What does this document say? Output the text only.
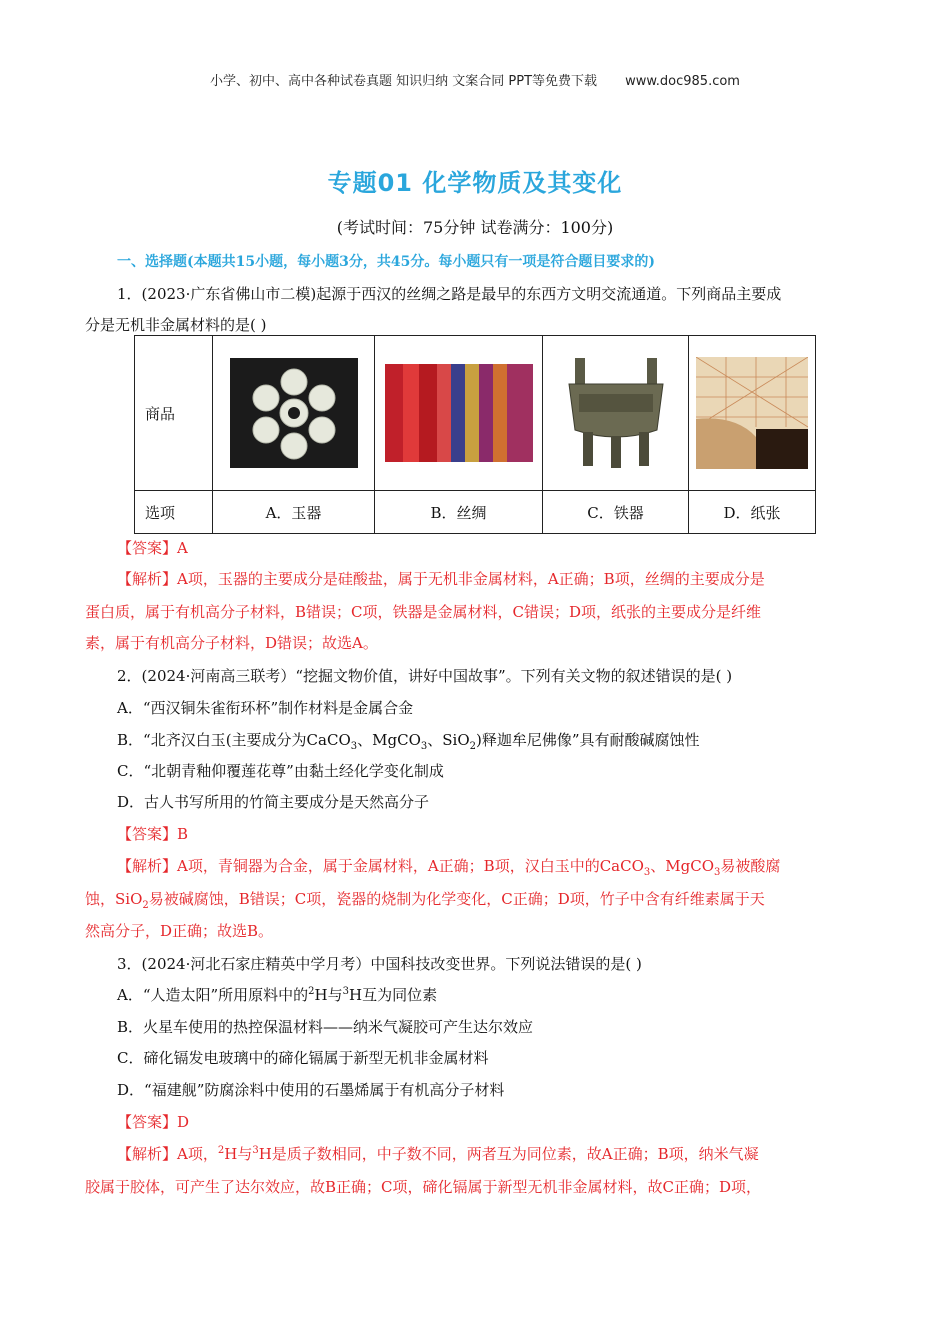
小学、初中、高中各种试卷真题 知识归纳 文案合同 PPT等免费下载 www.doc985.com
专题01 化学物质及其变化
(考试时间：75分钟 试卷满分：100分)
一、选择题(本题共15小题，每小题3分，共45分。每小题只有一项是符合题目要求的)
1．(2023·广东省佛山市二模)起源于西汉的丝绸之路是最早的东西方文明交流通道。下列商品主要成
分是无机非金属材料的是( )
商品	

选项	A．玉器	B．丝绸	C．铁器	D．纸张
【答案】A
【解析】A项，玉器的主要成分是硅酸盐，属于无机非金属材料，A正确；B项，丝绸的主要成分是
蛋白质，属于有机高分子材料，B错误；C项，铁器是金属材料，C错误；D项，纸张的主要成分是纤维
素，属于有机高分子材料，D错误；故选A。
2．(2024·河南高三联考）“挖掘文物价值，讲好中国故事”。下列有关文物的叙述错误的是( )
A．“西汉铜朱雀衔环杯”制作材料是金属合金
B．“北齐汉白玉(主要成分为CaCO$_3$、MgCO$_3$、SiO$_2$)释迦牟尼佛像”具有耐酸碱腐蚀性
C．“北朝青釉仰覆莲花尊”由黏土经化学变化制成
D．古人书写所用的竹简主要成分是天然高分子
【答案】B
【解析】A项，青铜器为合金，属于金属材料，A正确；B项，汉白玉中的CaCO$_3$、MgCO$_3$易被酸腐
蚀，SiO$_2$易被碱腐蚀，B错误；C项，瓷器的烧制为化学变化，C正确；D项，竹子中含有纤维素属于天
然高分子，D正确；故选B。
3．(2024·河北石家庄精英中学月考）中国科技改变世界。下列说法错误的是( )
A．“人造太阳”所用原料中的$^2$H与$^3$H互为同位素
B．火星车使用的热控保温材料——纳米气凝胶可产生达尔效应
C．碲化镉发电玻璃中的碲化镉属于新型无机非金属材料
D．“福建舰”防腐涂料中使用的石墨烯属于有机高分子材料
【答案】D
【解析】A项，$^2$H与$^3$H是质子数相同，中子数不同，两者互为同位素，故A正确；B项，纳米气凝
胶属于胶体，可产生了达尔效应，故B正确；C项，碲化镉属于新型无机非金属材料，故C正确；D项，
